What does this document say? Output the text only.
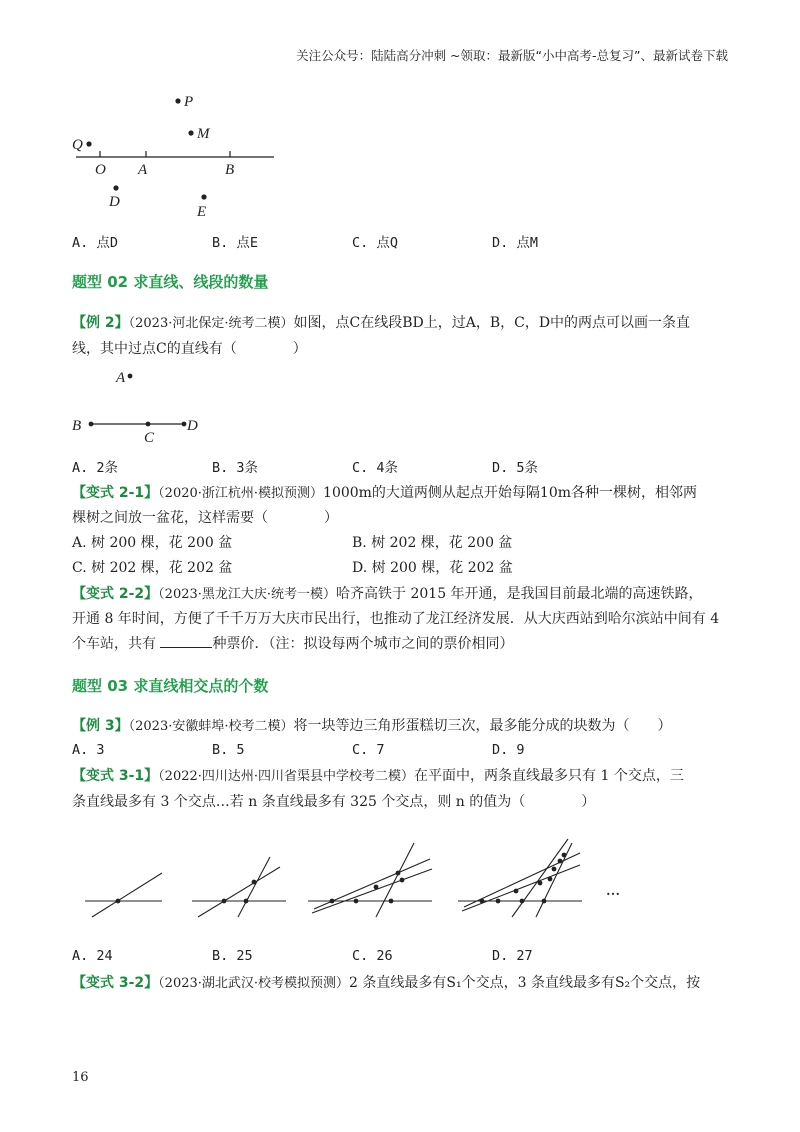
关注公众号：陆陆高分冲刺 ~领取：最新版“小中高考-总复习”、最新试卷下载
P
M
Q
O A	B
D
E
A. 点D	B. 点E	C. 点Q	D. 点M
题型 02 求直线、线段的数量
【例 2】（2023·河北保定·统考二模）如图，点C在线段BD上，过A，B，C，D中的两点可以画一条直
线，其中过点C的直线有（　　　　）
A
B
C
D
A. 2条	B. 3条	C. 4条	D. 5条
【变式 2-1】（2020·浙江杭州·模拟预测）1000m的大道两侧从起点开始每隔10m各种一棵树，相邻两
棵树之间放一盆花，这样需要（　　　　）
A. 树 200 棵，花 200 盆	B. 树 202 棵，花 200 盆
C. 树 202 棵，花 202 盆	D. 树 200 棵，花 202 盆
【变式 2-2】（2023·黑龙江大庆·统考一模）哈齐高铁于 2015 年开通，是我国目前最北端的高速铁路，
开通 8 年时间，方便了千千万万大庆市民出行，也推动了龙江经济发展．从大庆西站到哈尔滨站中间有 4
个车站，共有	种票价．（注：拟设每两个城市之间的票价相同）
题型 03 求直线相交点的个数
【例 3】（2023·安徽蚌埠·校考二模）将一块等边三角形蛋糕切三次，最多能分成的块数为（　　）
A. 3	B. 5	C. 7	D. 9
【变式 3-1】（2022·四川达州·四川省渠县中学校考二模）在平面中，两条直线最多只有 1 个交点，三
条直线最多有 3 个交点…若 n 条直线最多有 325 个交点，则 n 的值为（　　　　）
…
A. 24	B. 25	C. 26	D. 27
【变式 3-2】（2023·湖北武汉·校考模拟预测）2 条直线最多有S₁个交点，3 条直线最多有S₂个交点，按
16
